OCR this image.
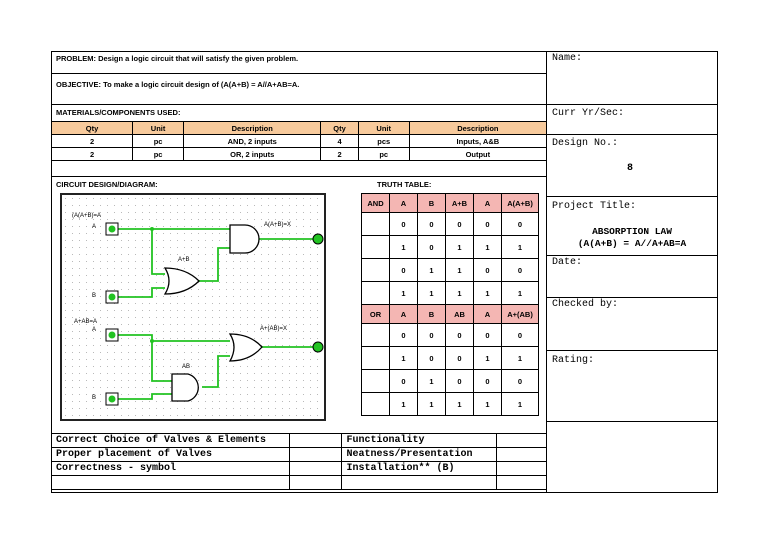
PROBLEM: Design a logic circuit that will satisfy the given problem.
OBJECTIVE: To make a logic circuit design of (A(A+B) = A//A+AB=A.
MATERIALS/COMPONENTS USED:
Qty	Unit	Description	Qty	Unit	Description
2	pc	AND, 2 inputs	4	pcs	Inputs, A&B
2	pc	OR, 2 inputs	2	pc	Output
CIRCUIT DESIGN/DIAGRAM:	TRUTH TABLE:
(A(A+B)=A
A	A(A+B)=X
A+B
B
A+AB=A
A	A+(AB)=X
AB
B
AND	A	B	A+B	A	A(A+B)
	0	0	0	0	0
	1	0	1	1	1
	0	1	1	0	0
	1	1	1	1	1
OR	A	B	AB	A	A+(AB)
	0	0	0	0	0
	1	0	0	1	1
	0	1	0	0	0
	1	1	1	1	1
Correct Choice of Valves & Elements		Functionality	
Proper placement of Valves		Neatness/Presentation	
Correctness - symbol		Installation** (B)	

Name:
Curr Yr/Sec:
Design No.:
8
Project Title:
ABSORPTION LAW
(A(A+B) = A//A+AB=A
Date:
Checked by:
Rating:
